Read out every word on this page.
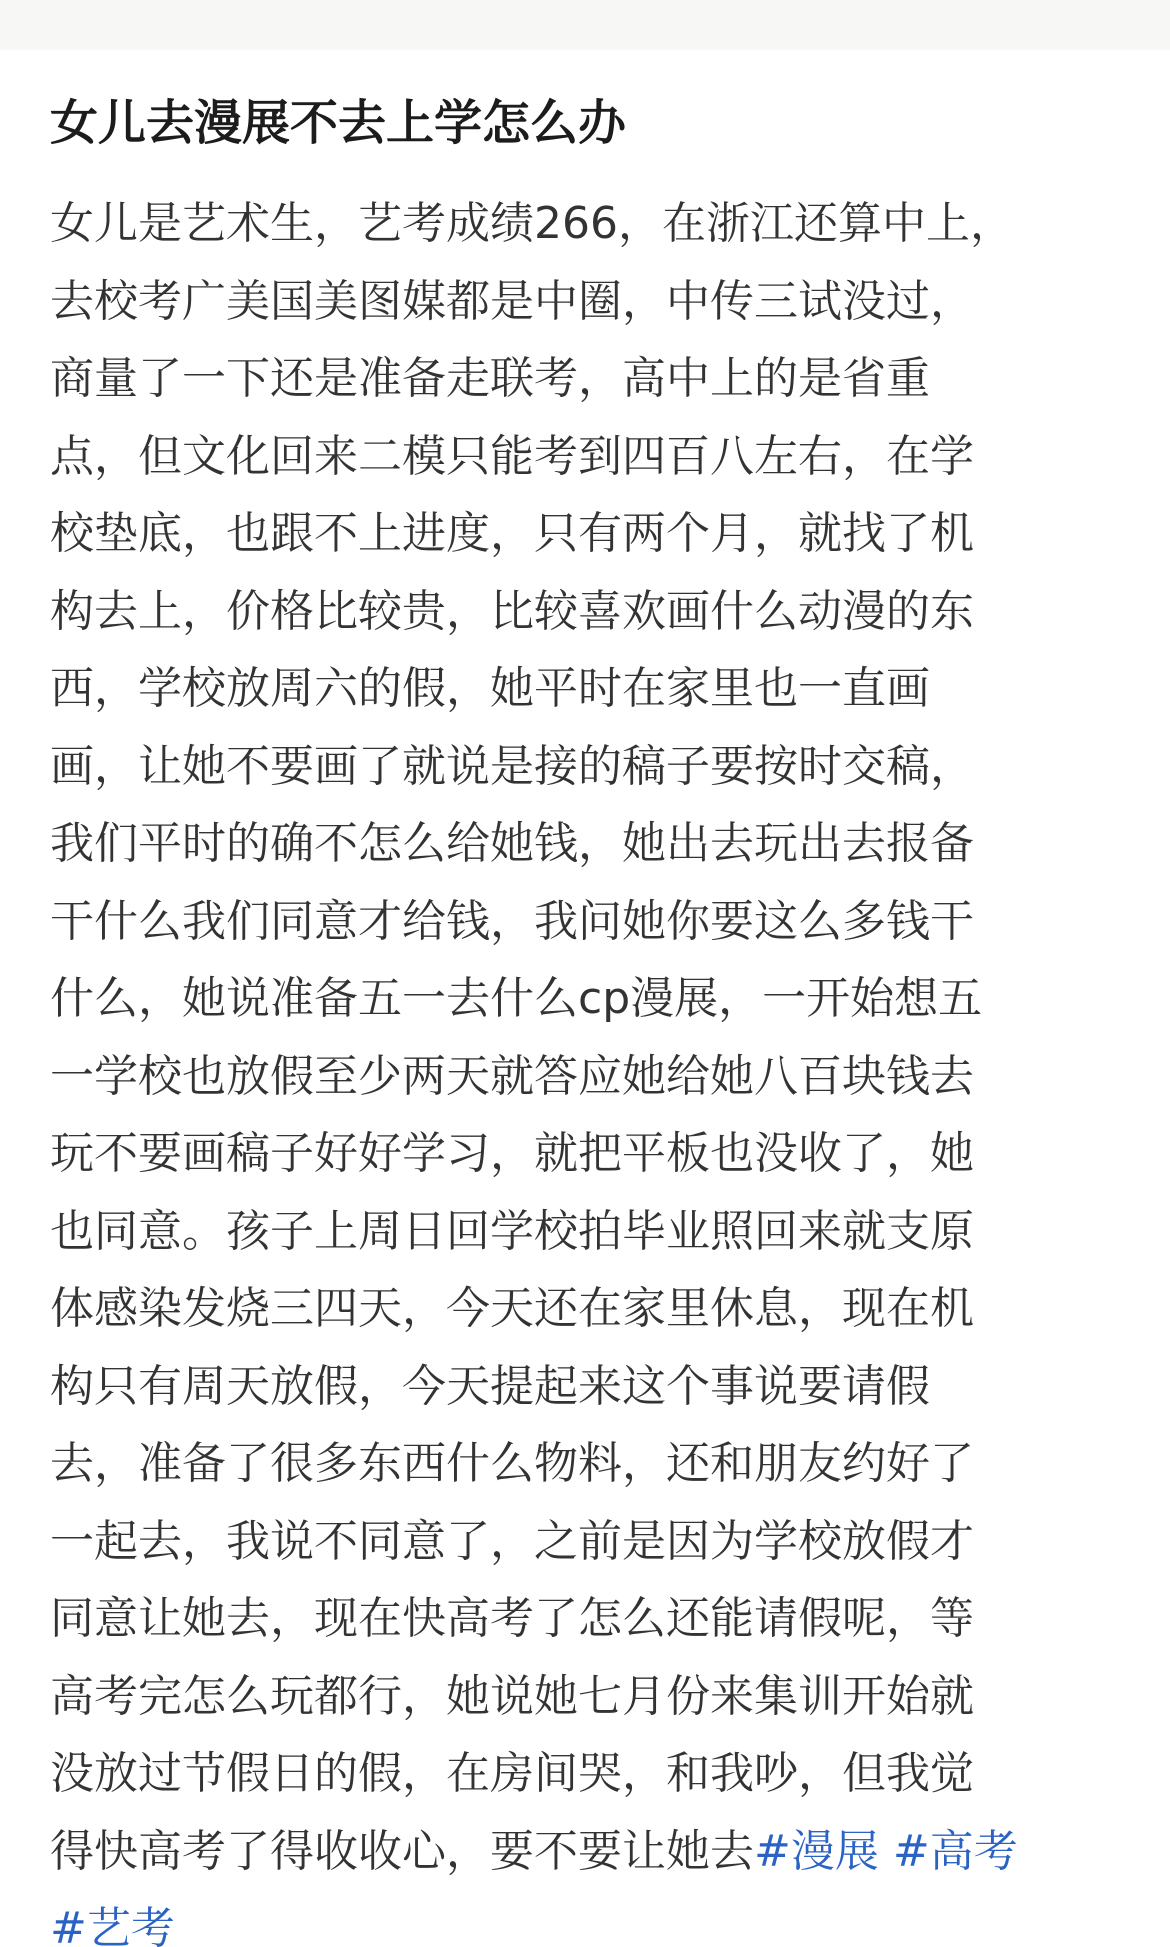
女儿去漫展不去上学怎么办
女儿是艺术生，艺考成绩266，在浙江还算中上，
去校考广美国美图媒都是中圈，中传三试没过，
商量了一下还是准备走联考，高中上的是省重
点，但文化回来二模只能考到四百八左右，在学
校垫底，也跟不上进度，只有两个月，就找了机
构去上，价格比较贵，比较喜欢画什么动漫的东
西，学校放周六的假，她平时在家里也一直画
画，让她不要画了就说是接的稿子要按时交稿，
我们平时的确不怎么给她钱，她出去玩出去报备
干什么我们同意才给钱，我问她你要这么多钱干
什么，她说准备五一去什么cp漫展，一开始想五
一学校也放假至少两天就答应她给她八百块钱去
玩不要画稿子好好学习，就把平板也没收了，她
也同意。孩子上周日回学校拍毕业照回来就支原
体感染发烧三四天，今天还在家里休息，现在机
构只有周天放假，今天提起来这个事说要请假
去，准备了很多东西什么物料，还和朋友约好了
一起去，我说不同意了，之前是因为学校放假才
同意让她去，现在快高考了怎么还能请假呢，等
高考完怎么玩都行，她说她七月份来集训开始就
没放过节假日的假，在房间哭，和我吵，但我觉
得快高考了得收收心，要不要让她去#漫展 #高考
#艺考
